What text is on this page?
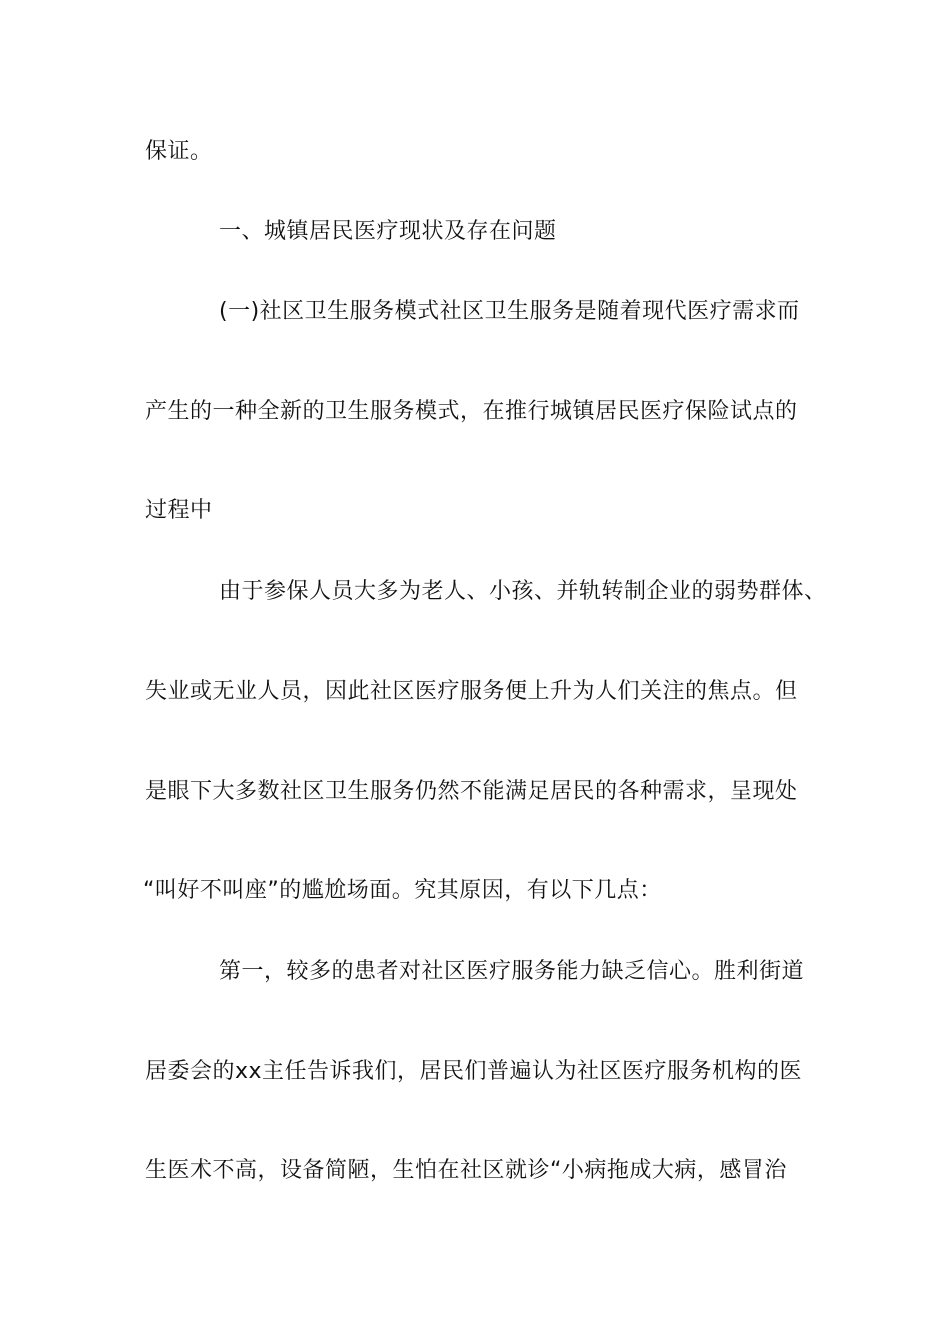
保证。
一、城镇居民医疗现状及存在问题
(一)社区卫生服务模式社区卫生服务是随着现代医疗需求而
产生的一种全新的卫生服务模式，在推行城镇居民医疗保险试点的
过程中
由于参保人员大多为老人、小孩、并轨转制企业的弱势群体、
失业或无业人员，因此社区医疗服务便上升为人们关注的焦点。但
是眼下大多数社区卫生服务仍然不能满足居民的各种需求，呈现处
“叫好不叫座”的尴尬场面。究其原因，有以下几点：
第一，较多的患者对社区医疗服务能力缺乏信心。胜利街道
居委会的xx主任告诉我们，居民们普遍认为社区医疗服务机构的医
生医术不高，设备简陋，生怕在社区就诊“小病拖成大病，感冒治
